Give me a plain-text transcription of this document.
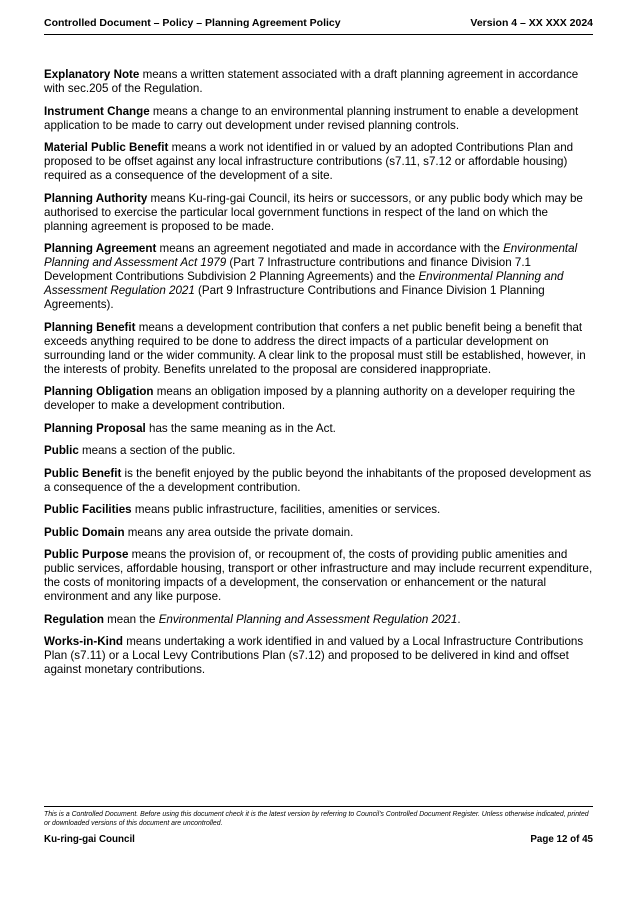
Controlled Document – Policy – Planning Agreement Policy	Version 4 – XX XXX 2024

Explanatory Note means a written statement associated with a draft planning agreement in accordance with sec.205 of the Regulation.

Instrument Change means a change to an environmental planning instrument to enable a development application to be made to carry out development under revised planning controls.

Material Public Benefit means a work not identified in or valued by an adopted Contributions Plan and proposed to be offset against any local infrastructure contributions (s7.11, s7.12 or affordable housing) required as a consequence of the development of a site.

Planning Authority means Ku-ring-gai Council, its heirs or successors, or any public body which may be authorised to exercise the particular local government functions in respect of the land on which the planning agreement is proposed to be made.

Planning Agreement means an agreement negotiated and made in accordance with the Environmental Planning and Assessment Act 1979 (Part 7 Infrastructure contributions and finance Division 7.1 Development Contributions Subdivision 2 Planning Agreements) and the Environmental Planning and Assessment Regulation 2021 (Part 9 Infrastructure Contributions and Finance Division 1 Planning Agreements).

Planning Benefit means a development contribution that confers a net public benefit being a benefit that exceeds anything required to be done to address the direct impacts of a particular development on surrounding land or the wider community. A clear link to the proposal must still be established, however, in the interests of probity. Benefits unrelated to the proposal are considered inappropriate.

Planning Obligation means an obligation imposed by a planning authority on a developer requiring the developer to make a development contribution.

Planning Proposal has the same meaning as in the Act.

Public means a section of the public.

Public Benefit is the benefit enjoyed by the public beyond the inhabitants of the proposed development as a consequence of the a development contribution.

Public Facilities means public infrastructure, facilities, amenities or services.

Public Domain means any area outside the private domain.

Public Purpose means the provision of, or recoupment of, the costs of providing public amenities and public services, affordable housing, transport or other infrastructure and may include recurrent expenditure, the costs of monitoring impacts of a development, the conservation or enhancement or the natural environment and any like purpose.

Regulation mean the Environmental Planning and Assessment Regulation 2021.

Works-in-Kind means undertaking a work identified in and valued by a Local Infrastructure Contributions Plan (s7.11) or a Local Levy Contributions Plan (s7.12) and proposed to be delivered in kind and offset against monetary contributions.

This is a Controlled Document. Before using this document check it is the latest version by referring to Council’s Controlled Document Register. Unless otherwise indicated, printed or downloaded versions of this document are uncontrolled.
Ku-ring-gai Council	Page 12 of 45
